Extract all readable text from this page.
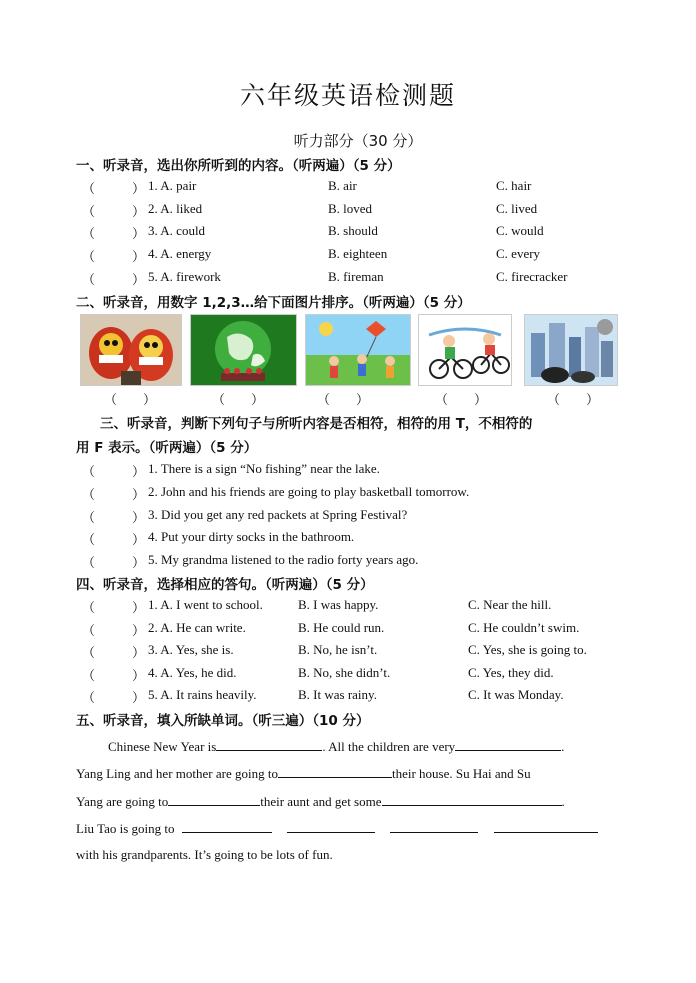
六年级英语检测题
听力部分（30 分）
一、听录音，选出你所听到的内容。（听两遍）（5 分）
（	） 1. A. pair	B. air	C. hair
（	） 2. A. liked	B. loved	C. lived
（	） 3. A. could	B. should	C. would
（	） 4. A. energy	B. eighteen	C. every
（	） 5. A. firework	B. fireman	C. firecracker
二、听录音，用数字 1,2,3…给下面图片排序。（听两遍）（5 分）
（　　）	（　　）	（　　）	（　　）	（　　）
三、听录音，判断下列句子与所听内容是否相符，相符的用 T，不相符的
用 F 表示。（听两遍）（5 分）
（	） 1. There is a sign “No fishing” near the lake.
（	） 2. John and his friends are going to play basketball tomorrow.
（	） 3. Did you get any red packets at Spring Festival?
（	） 4. Put your dirty socks in the bathroom.
（	） 5. My grandma listened to the radio forty years ago.
四、听录音，选择相应的答句。（听两遍）（5 分）
（	） 1. A. I went to school.	B. I was happy.	C. Near the hill.
（	） 2. A. He can write.	B. He could run.	C. He couldn’t swim.
（	） 3. A. Yes, she is.	B. No, he isn’t.	C. Yes, she is going to.
（	） 4. A. Yes, he did.	B. No, she didn’t.	C. Yes, they did.
（	） 5. A. It rains heavily.	B. It was rainy.	C. It was Monday.
五、听录音，填入所缺单词。（听三遍）（10 分）
Chinese New Year is	. All the children are very	.
Yang Ling and her mother are going to	their house. Su Hai and Su
Yang are going to	their aunt and get some	.
Liu Tao is going to
with his grandparents. It’s going to be lots of fun.
